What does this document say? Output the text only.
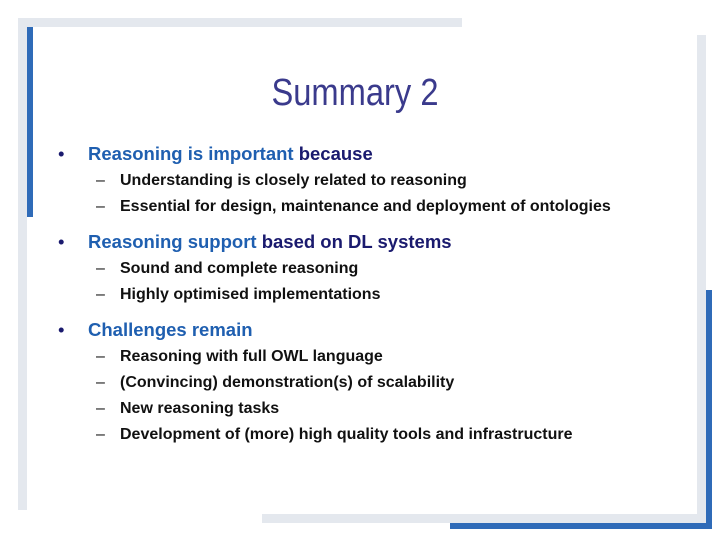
Summary 2
• Reasoning is important because
– Understanding is closely related to reasoning
– Essential for design, maintenance and deployment of ontologies
• Reasoning support based on DL systems
– Sound and complete reasoning
– Highly optimised implementations
• Challenges remain
– Reasoning with full OWL language
– (Convincing) demonstration(s) of scalability
– New reasoning tasks
– Development of (more) high quality tools and infrastructure
